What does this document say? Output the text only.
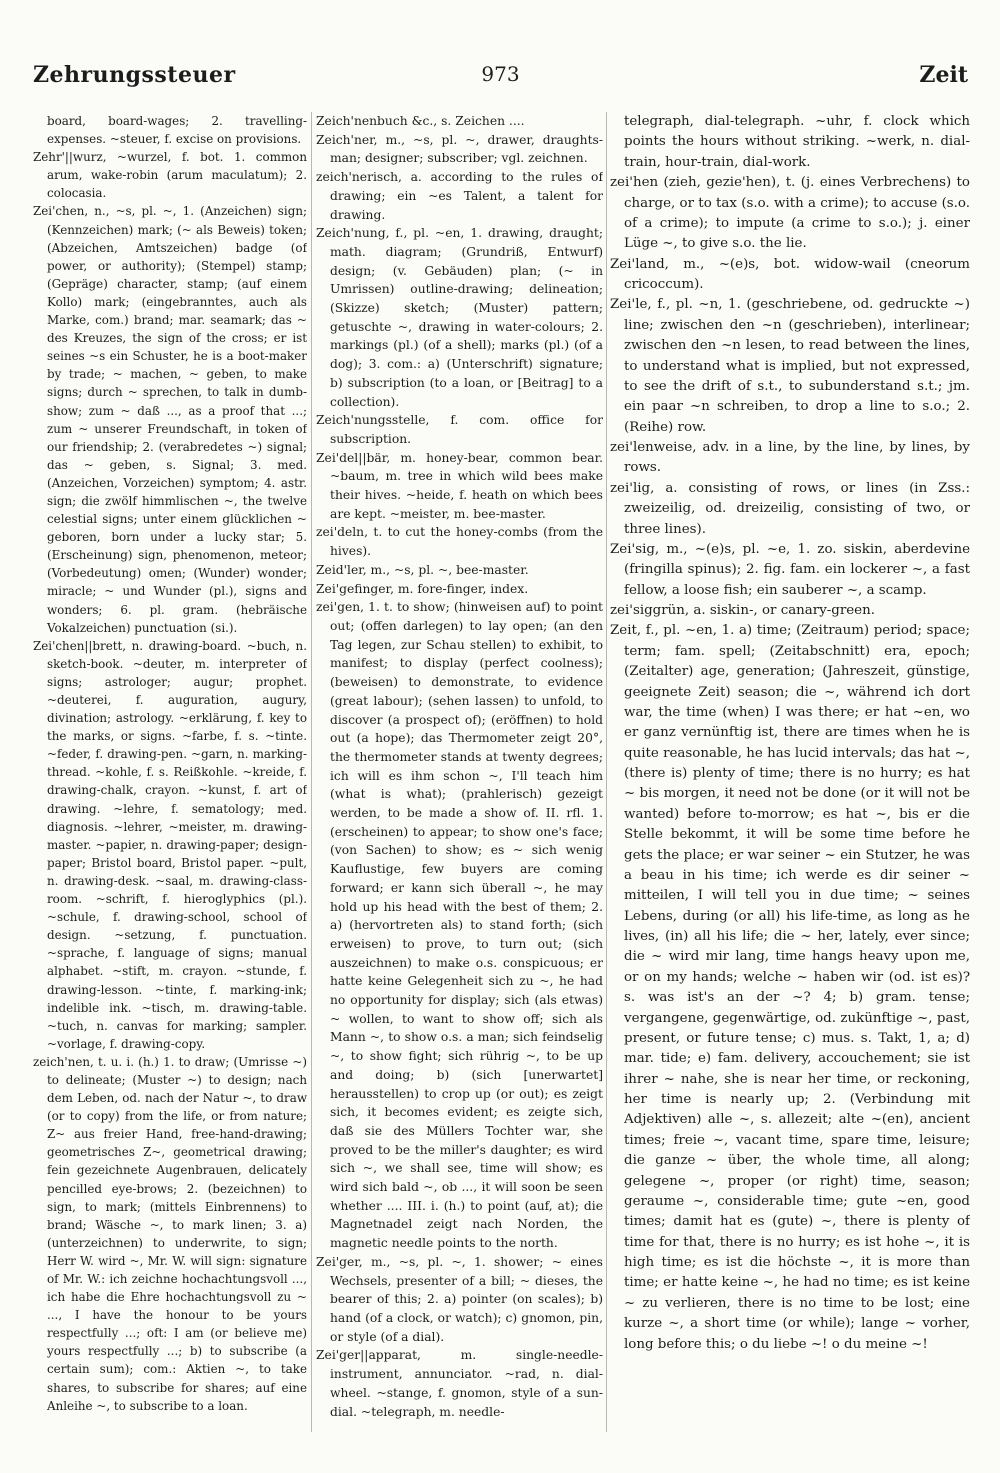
Zehrungssteuer	973	Zeit

board, board-wages; 2. travelling-expenses. ~steuer, f. excise on provisions.

Zehr'||wurz, ~wurzel, f. bot. 1. common arum, wake-robin (arum maculatum); 2. colocasia.

Zei'chen, n., ~s, pl. ~, 1. (Anzeichen) sign; (Kennzeichen) mark; (~ als Beweis) token; (Abzeichen, Amtszeichen) badge (of power, or authority); (Stempel) stamp; (Gepräge) character, stamp; (auf einem Kollo) mark; (eingebranntes, auch als Marke, com.) brand; mar. seamark; das ~ des Kreuzes, the sign of the cross; er ist seines ~s ein Schuster, he is a boot-maker by trade; ~ machen, ~ geben, to make signs; durch ~ sprechen, to talk in dumb-show; zum ~ daß ..., as a proof that ...; zum ~ unserer Freundschaft, in token of our friendship; 2. (verabredetes ~) signal; das ~ geben, s. Signal; 3. med. (Anzeichen, Vorzeichen) symptom; 4. astr. sign; die zwölf himmlischen ~, the twelve celestial signs; unter einem glücklichen ~ geboren, born under a lucky star; 5. (Erscheinung) sign, phenomenon, meteor; (Vorbedeutung) omen; (Wunder) wonder; miracle; ~ und Wunder (pl.), signs and wonders; 6. pl. gram. (hebräische Vokalzeichen) punctuation (si.).

Zei'chen||brett, n. drawing-board. ~buch, n. sketch-book. ~deuter, m. interpreter of signs; astrologer; augur; prophet. ~deuterei, f. auguration, augury, divination; astrology. ~erklärung, f. key to the marks, or signs. ~farbe, f. s. ~tinte. ~feder, f. drawing-pen. ~garn, n. marking-thread. ~kohle, f. s. Reißkohle. ~kreide, f. drawing-chalk, crayon. ~kunst, f. art of drawing. ~lehre, f. sematology; med. diagnosis. ~lehrer, ~meister, m. drawing-master. ~papier, n. drawing-paper; design-paper; Bristol board, Bristol paper. ~pult, n. drawing-desk. ~saal, m. drawing-class-room. ~schrift, f. hieroglyphics (pl.). ~schule, f. drawing-school, school of design. ~setzung, f. punctuation. ~sprache, f. language of signs; manual alphabet. ~stift, m. crayon. ~stunde, f. drawing-lesson. ~tinte, f. marking-ink; indelible ink. ~tisch, m. drawing-table. ~tuch, n. canvas for marking; sampler. ~vorlage, f. drawing-copy.

zeich'nen, t. u. i. (h.) 1. to draw; (Umrisse ~) to delineate; (Muster ~) to design; nach dem Leben, od. nach der Natur ~, to draw (or to copy) from the life, or from nature; Z~ aus freier Hand, free-hand-drawing; geometrisches Z~, geometrical drawing; fein gezeichnete Augenbrauen, delicately pencilled eye-brows; 2. (bezeichnen) to sign, to mark; (mittels Einbrennens) to brand; Wäsche ~, to mark linen; 3. a) (unterzeichnen) to underwrite, to sign; Herr W. wird ~, Mr. W. will sign: signature of Mr. W.: ich zeichne hochachtungsvoll ..., ich habe die Ehre hochachtungsvoll zu ~ ..., I have the honour to be yours respectfully ...; oft: I am (or believe me) yours respectfully ...; b) to subscribe (a certain sum); com.: Aktien ~, to take shares, to subscribe for shares; auf eine Anleihe ~, to subscribe to a loan.

Zeich'nenbuch &c., s. Zeichen ....

Zeich'ner, m., ~s, pl. ~, drawer, draughts-man; designer; subscriber; vgl. zeichnen.

zeich'nerisch, a. according to the rules of drawing; ein ~es Talent, a talent for drawing.

Zeich'nung, f., pl. ~en, 1. drawing, draught; math. diagram; (Grundriß, Entwurf) design; (v. Gebäuden) plan; (~ in Umrissen) outline-drawing; delineation; (Skizze) sketch; (Muster) pattern; getuschte ~, drawing in water-colours; 2. markings (pl.) (of a shell); marks (pl.) (of a dog); 3. com.: a) (Unterschrift) signature; b) subscription (to a loan, or [Beitrag] to a collection).

Zeich'nungsstelle, f. com. office for subscription.

Zei'del||bär, m. honey-bear, common bear. ~baum, m. tree in which wild bees make their hives. ~heide, f. heath on which bees are kept. ~meister, m. bee-master.

zei'deln, t. to cut the honey-combs (from the hives).

Zeid'ler, m., ~s, pl. ~, bee-master.

Zei'gefinger, m. fore-finger, index.

zei'gen, 1. t. to show; (hinweisen auf) to point out; (offen darlegen) to lay open; (an den Tag legen, zur Schau stellen) to exhibit, to manifest; to display (perfect coolness); (beweisen) to demonstrate, to evidence (great labour); (sehen lassen) to unfold, to discover (a prospect of); (eröffnen) to hold out (a hope); das Thermometer zeigt 20°, the thermometer stands at twenty degrees; ich will es ihm schon ~, I'll teach him (what is what); (prahlerisch) gezeigt werden, to be made a show of. II. rfl. 1. (erscheinen) to appear; to show one's face; (von Sachen) to show; es ~ sich wenig Kauflustige, few buyers are coming forward; er kann sich überall ~, he may hold up his head with the best of them; 2. a) (hervortreten als) to stand forth; (sich erweisen) to prove, to turn out; (sich auszeichnen) to make o.s. conspicuous; er hatte keine Gelegenheit sich zu ~, he had no opportunity for display; sich (als etwas) ~ wollen, to want to show off; sich als Mann ~, to show o.s. a man; sich feindselig ~, to show fight; sich rührig ~, to be up and doing; b) (sich [unerwartet] herausstellen) to crop up (or out); es zeigt sich, it becomes evident; es zeigte sich, daß sie des Müllers Tochter war, she proved to be the miller's daughter; es wird sich ~, we shall see, time will show; es wird sich bald ~, ob ..., it will soon be seen whether .... III. i. (h.) to point (auf, at); die Magnetnadel zeigt nach Norden, the magnetic needle points to the north.

Zei'ger, m., ~s, pl. ~, 1. shower; ~ eines Wechsels, presenter of a bill; ~ dieses, the bearer of this; 2. a) pointer (on scales); b) hand (of a clock, or watch); c) gnomon, pin, or style (of a dial).

Zei'ger||apparat, m. single-needle-instrument, annunciator. ~rad, n. dial-wheel. ~stange, f. gnomon, style of a sun-dial. ~telegraph, m. needle-

telegraph, dial-telegraph. ~uhr, f. clock which points the hours without striking. ~werk, n. dial-train, hour-train, dial-work.

zei'hen (zieh, gezie'hen), t. (j. eines Verbrechens) to charge, or to tax (s.o. with a crime); to accuse (s.o. of a crime); to impute (a crime to s.o.); j. einer Lüge ~, to give s.o. the lie.

Zei'land, m., ~(e)s, bot. widow-wail (cneorum cricoccum).

Zei'le, f., pl. ~n, 1. (geschriebene, od. gedruckte ~) line; zwischen den ~n (geschrieben), interlinear; zwischen den ~n lesen, to read between the lines, to understand what is implied, but not expressed, to see the drift of s.t., to subunderstand s.t.; jm. ein paar ~n schreiben, to drop a line to s.o.; 2. (Reihe) row.

zei'lenweise, adv. in a line, by the line, by lines, by rows.

zei'lig, a. consisting of rows, or lines (in Zss.: zweizeilig, od. dreizeilig, consisting of two, or three lines).

Zei'sig, m., ~(e)s, pl. ~e, 1. zo. siskin, aberdevine (fringilla spinus); 2. fig. fam. ein lockerer ~, a fast fellow, a loose fish; ein sauberer ~, a scamp.

zei'siggrün, a. siskin-, or canary-green.

Zeit, f., pl. ~en, 1. a) time; (Zeitraum) period; space; term; fam. spell; (Zeitabschnitt) era, epoch; (Zeitalter) age, generation; (Jahreszeit, günstige, geeignete Zeit) season; die ~, während ich dort war, the time (when) I was there; er hat ~en, wo er ganz vernünftig ist, there are times when he is quite reasonable, he has lucid intervals; das hat ~, (there is) plenty of time; there is no hurry; es hat ~ bis morgen, it need not be done (or it will not be wanted) before to-morrow; es hat ~, bis er die Stelle bekommt, it will be some time before he gets the place; er war seiner ~ ein Stutzer, he was a beau in his time; ich werde es dir seiner ~ mitteilen, I will tell you in due time; ~ seines Lebens, during (or all) his life-time, as long as he lives, (in) all his life; die ~ her, lately, ever since; die ~ wird mir lang, time hangs heavy upon me, or on my hands; welche ~ haben wir (od. ist es)? s. was ist's an der ~? 4; b) gram. tense; vergangene, gegenwärtige, od. zukünftige ~, past, present, or future tense; c) mus. s. Takt, 1, a; d) mar. tide; e) fam. delivery, accouchement; sie ist ihrer ~ nahe, she is near her time, or reckoning, her time is nearly up; 2. (Verbindung mit Adjektiven) alle ~, s. allezeit; alte ~(en), ancient times; freie ~, vacant time, spare time, leisure; die ganze ~ über, the whole time, all along; gelegene ~, proper (or right) time, season; geraume ~, considerable time; gute ~en, good times; damit hat es (gute) ~, there is plenty of time for that, there is no hurry; es ist hohe ~, it is high time; es ist die höchste ~, it is more than time; er hatte keine ~, he had no time; es ist keine ~ zu verlieren, there is no time to be lost; eine kurze ~, a short time (or while); lange ~ vorher, long before this; o du liebe ~! o du meine ~!
